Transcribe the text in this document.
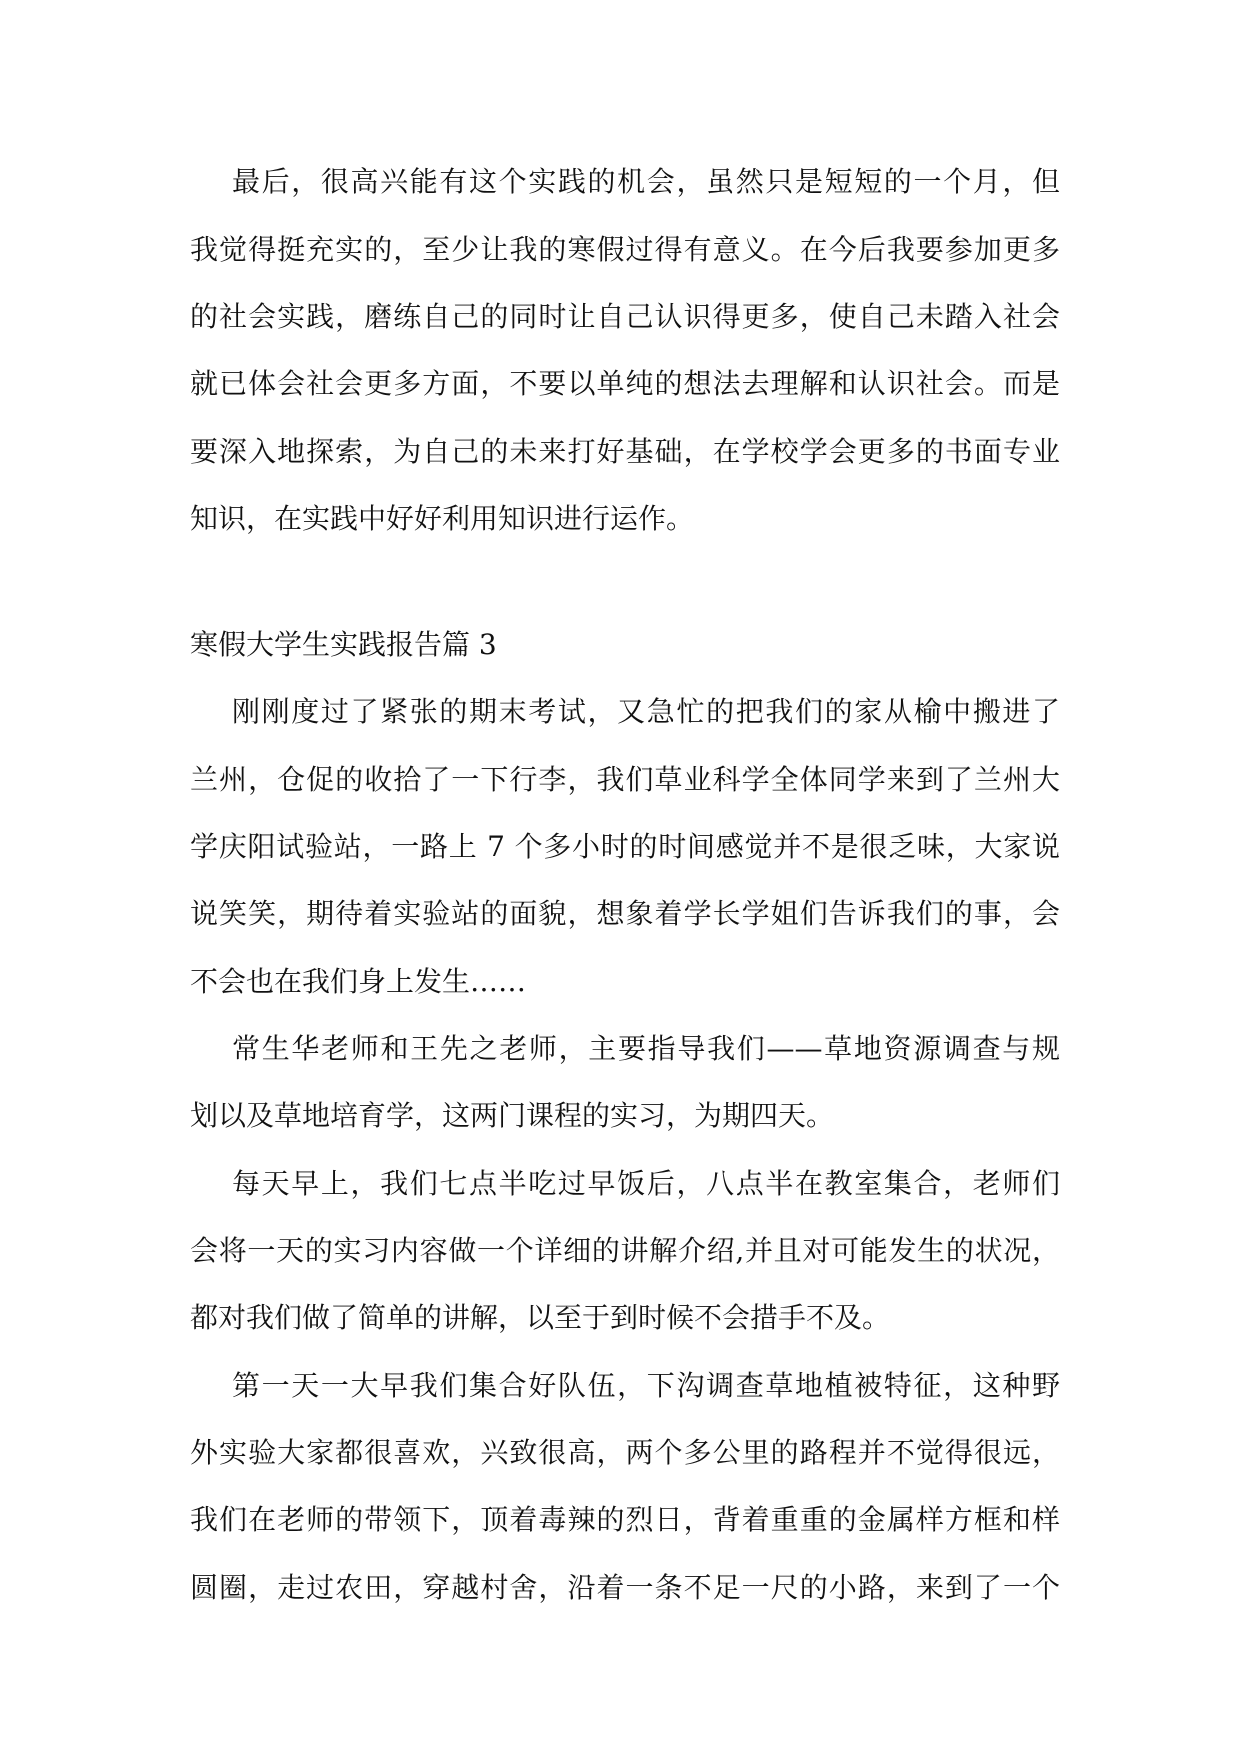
最后，很高兴能有这个实践的机会，虽然只是短短的一个月，但
我觉得挺充实的，至少让我的寒假过得有意义。在今后我要参加更多
的社会实践，磨练自己的同时让自己认识得更多，使自己未踏入社会
就已体会社会更多方面，不要以单纯的想法去理解和认识社会。而是
要深入地探索，为自己的未来打好基础，在学校学会更多的书面专业
知识，在实践中好好利用知识进行运作。
寒假大学生实践报告篇 3
刚刚度过了紧张的期末考试，又急忙的把我们的家从榆中搬进了
兰州，仓促的收拾了一下行李，我们草业科学全体同学来到了兰州大
学庆阳试验站，一路上 7 个多小时的时间感觉并不是很乏味，大家说
说笑笑，期待着实验站的面貌，想象着学长学姐们告诉我们的事，会
不会也在我们身上发生……
常生华老师和王先之老师，主要指导我们——草地资源调查与规
划以及草地培育学，这两门课程的实习，为期四天。
每天早上，我们七点半吃过早饭后，八点半在教室集合，老师们
会将一天的实习内容做一个详细的讲解介绍,并且对可能发生的状况，
都对我们做了简单的讲解，以至于到时候不会措手不及。
第一天一大早我们集合好队伍，下沟调查草地植被特征，这种野
外实验大家都很喜欢，兴致很高，两个多公里的路程并不觉得很远，
我们在老师的带领下，顶着毒辣的烈日，背着重重的金属样方框和样
圆圈，走过农田，穿越村舍，沿着一条不足一尺的小路，来到了一个
